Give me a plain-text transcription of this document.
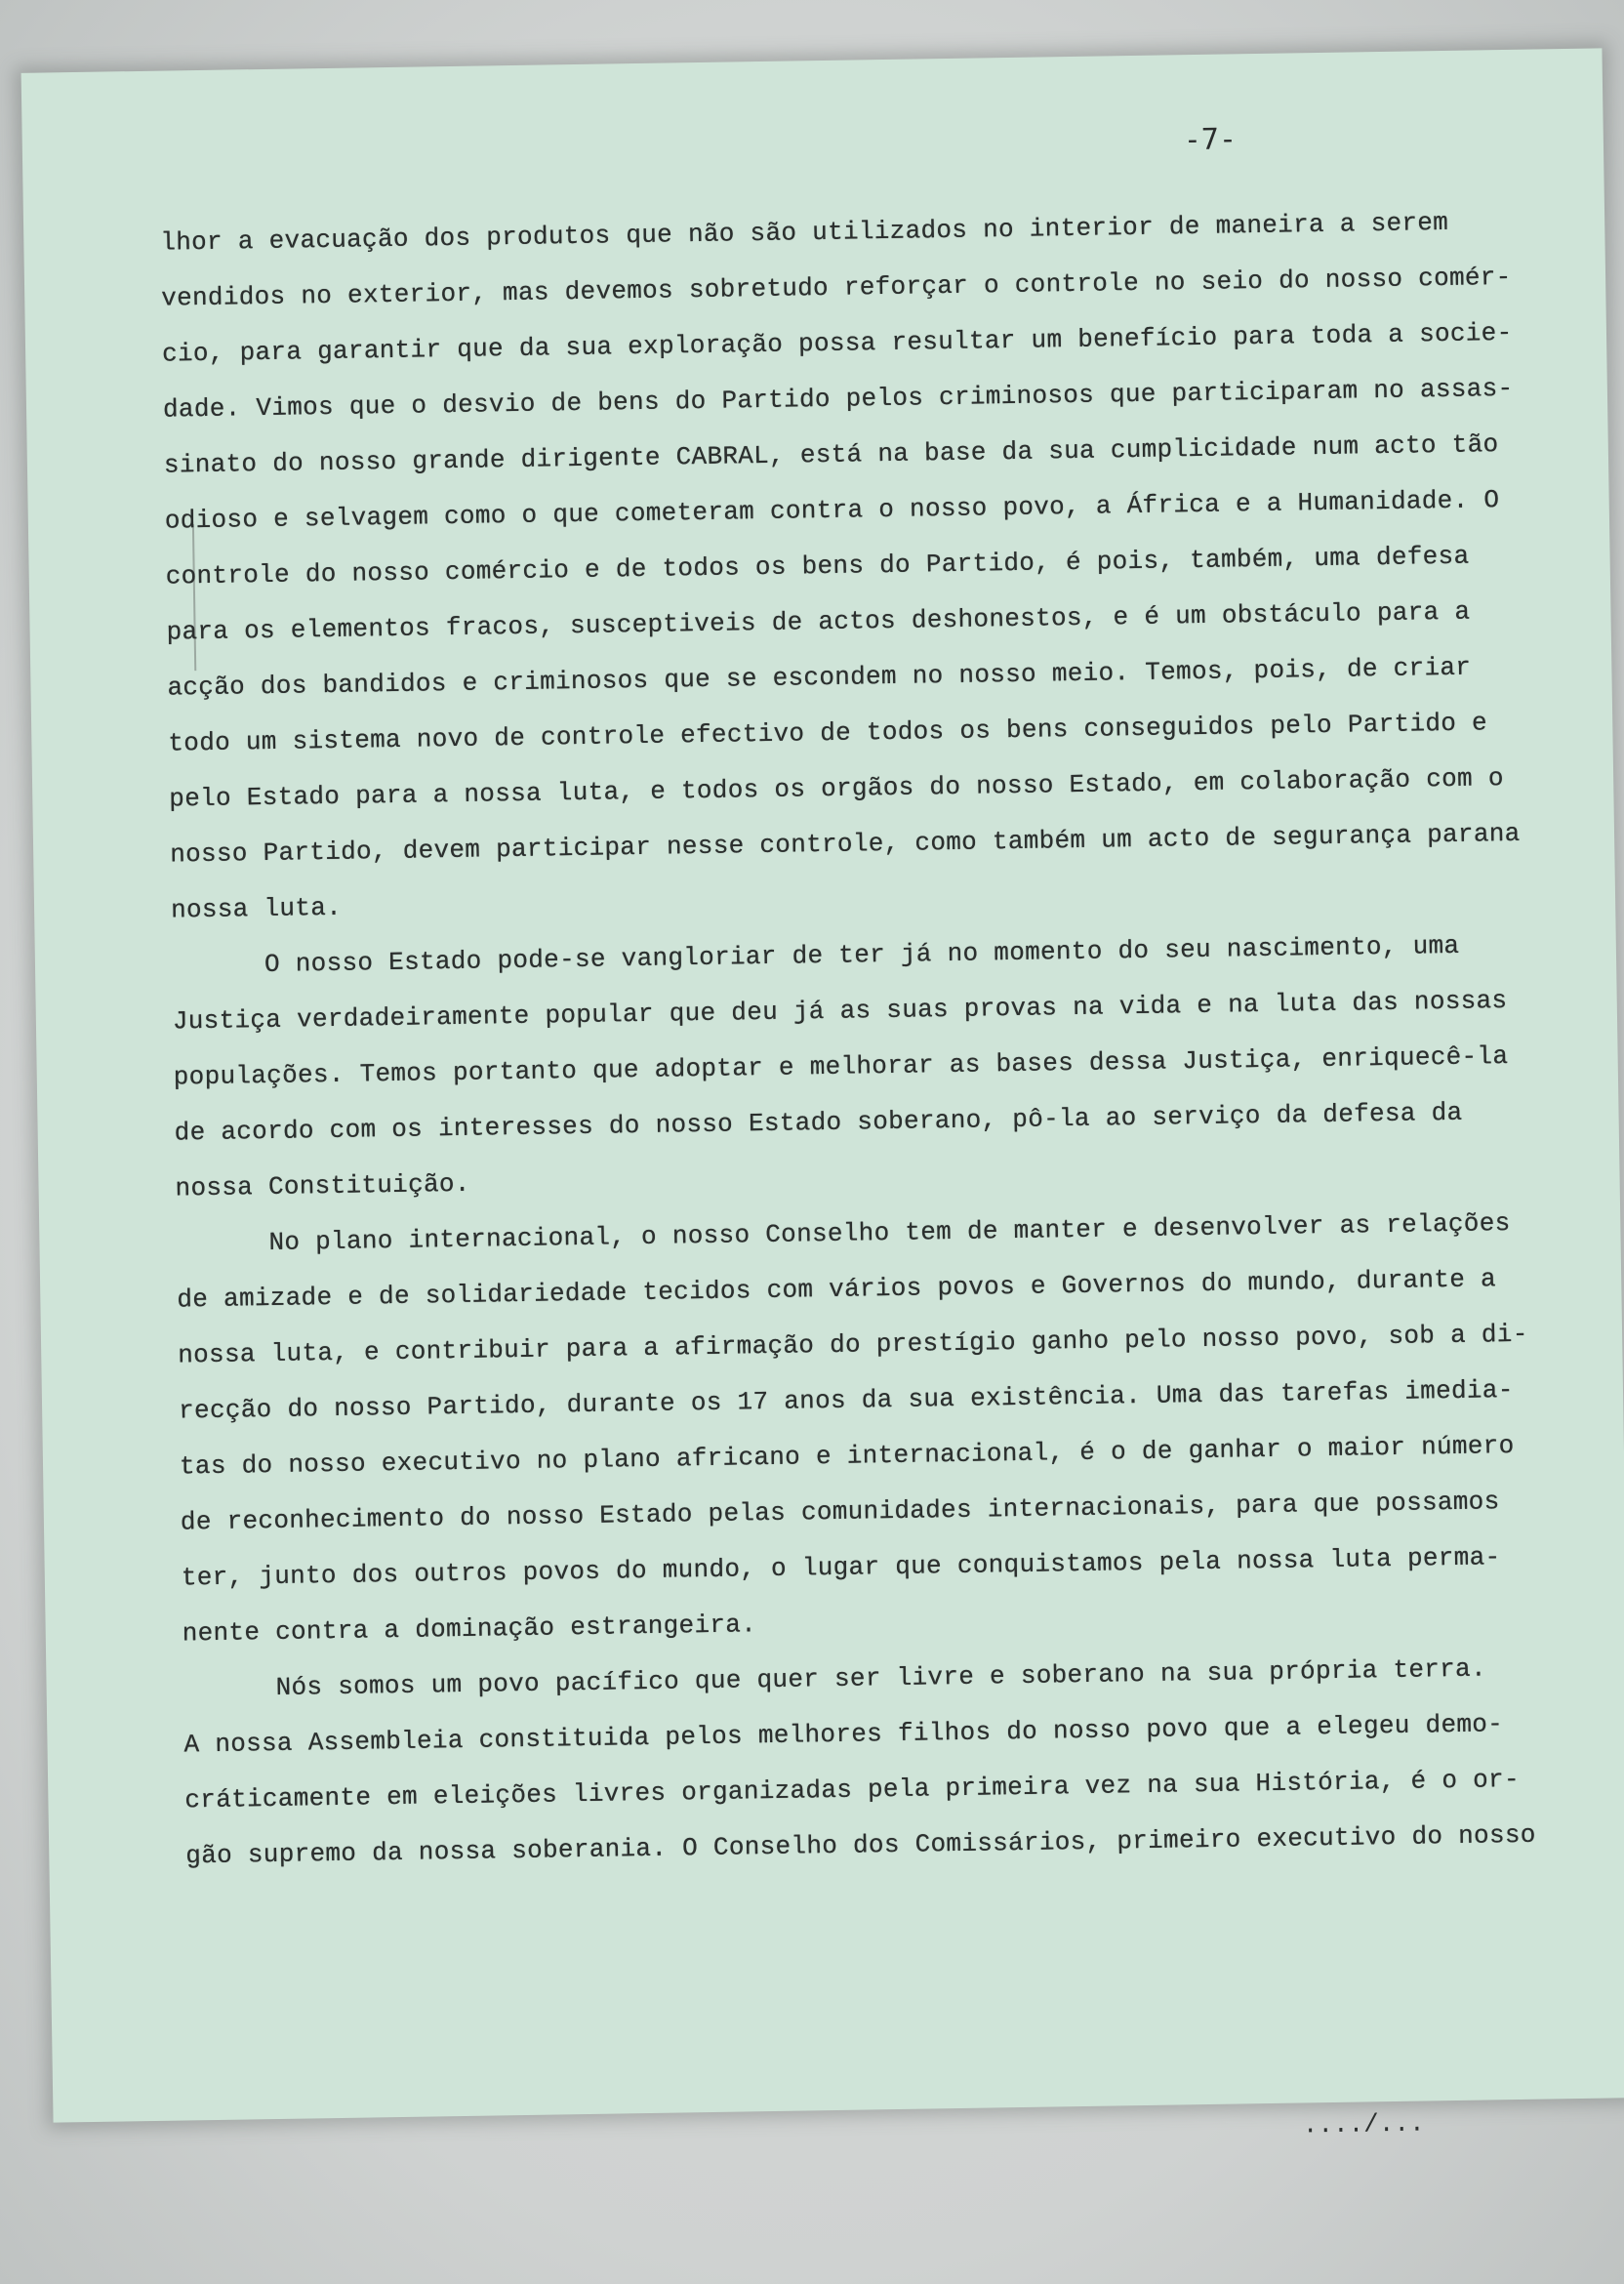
-7-
lhor a evacuação dos produtos que não são utilizados no interior de maneira a serem
vendidos no exterior, mas devemos sobretudo reforçar o controle no seio do nosso comér-
cio, para garantir que da sua exploração possa resultar um benefício para toda a socie-
dade. Vimos que o desvio de bens do Partido pelos criminosos que participaram no assas-
sinato do nosso grande dirigente CABRAL, está na base da sua cumplicidade num acto tão
odioso e selvagem como o que cometeram contra o nosso povo, a África e a Humanidade. O
controle do nosso comércio e de todos os bens do Partido, é pois, também, uma defesa
para os elementos fracos, susceptiveis de actos deshonestos, e é um obstáculo para a
acção dos bandidos e criminosos que se escondem no nosso meio. Temos, pois, de criar
todo um sistema novo de controle efectivo de todos os bens conseguidos pelo Partido e
pelo Estado para a nossa luta, e todos os orgãos do nosso Estado, em colaboração com o
nosso Partido, devem participar nesse controle, como também um acto de segurança parana
nossa luta.
O nosso Estado pode-se vangloriar de ter já no momento do seu nascimento, uma
Justiça verdadeiramente popular que deu já as suas provas na vida e na luta das nossas
populações. Temos portanto que adoptar e melhorar as bases dessa Justiça, enriquecê-la
de acordo com os interesses do nosso Estado soberano, pô-la ao serviço da defesa da
nossa Constituição.
No plano internacional, o nosso Conselho tem de manter e desenvolver as relações
de amizade e de solidariedade tecidos com vários povos e Governos do mundo, durante a
nossa luta, e contribuir para a afirmação do prestígio ganho pelo nosso povo, sob a di-
recção do nosso Partido, durante os 17 anos da sua existência. Uma das tarefas imedia-
tas do nosso executivo no plano africano e internacional, é o de ganhar o maior número
de reconhecimento do nosso Estado pelas comunidades internacionais, para que possamos
ter, junto dos outros povos do mundo, o lugar que conquistamos pela nossa luta perma-
nente contra a dominação estrangeira.
Nós somos um povo pacífico que quer ser livre e soberano na sua própria terra.
A nossa Assembleia constituida pelos melhores filhos do nosso povo que a elegeu demo-
cráticamente em eleições livres organizadas pela primeira vez na sua História, é o or-
gão supremo da nossa soberania. O Conselho dos Comissários, primeiro executivo do nosso
..../...
